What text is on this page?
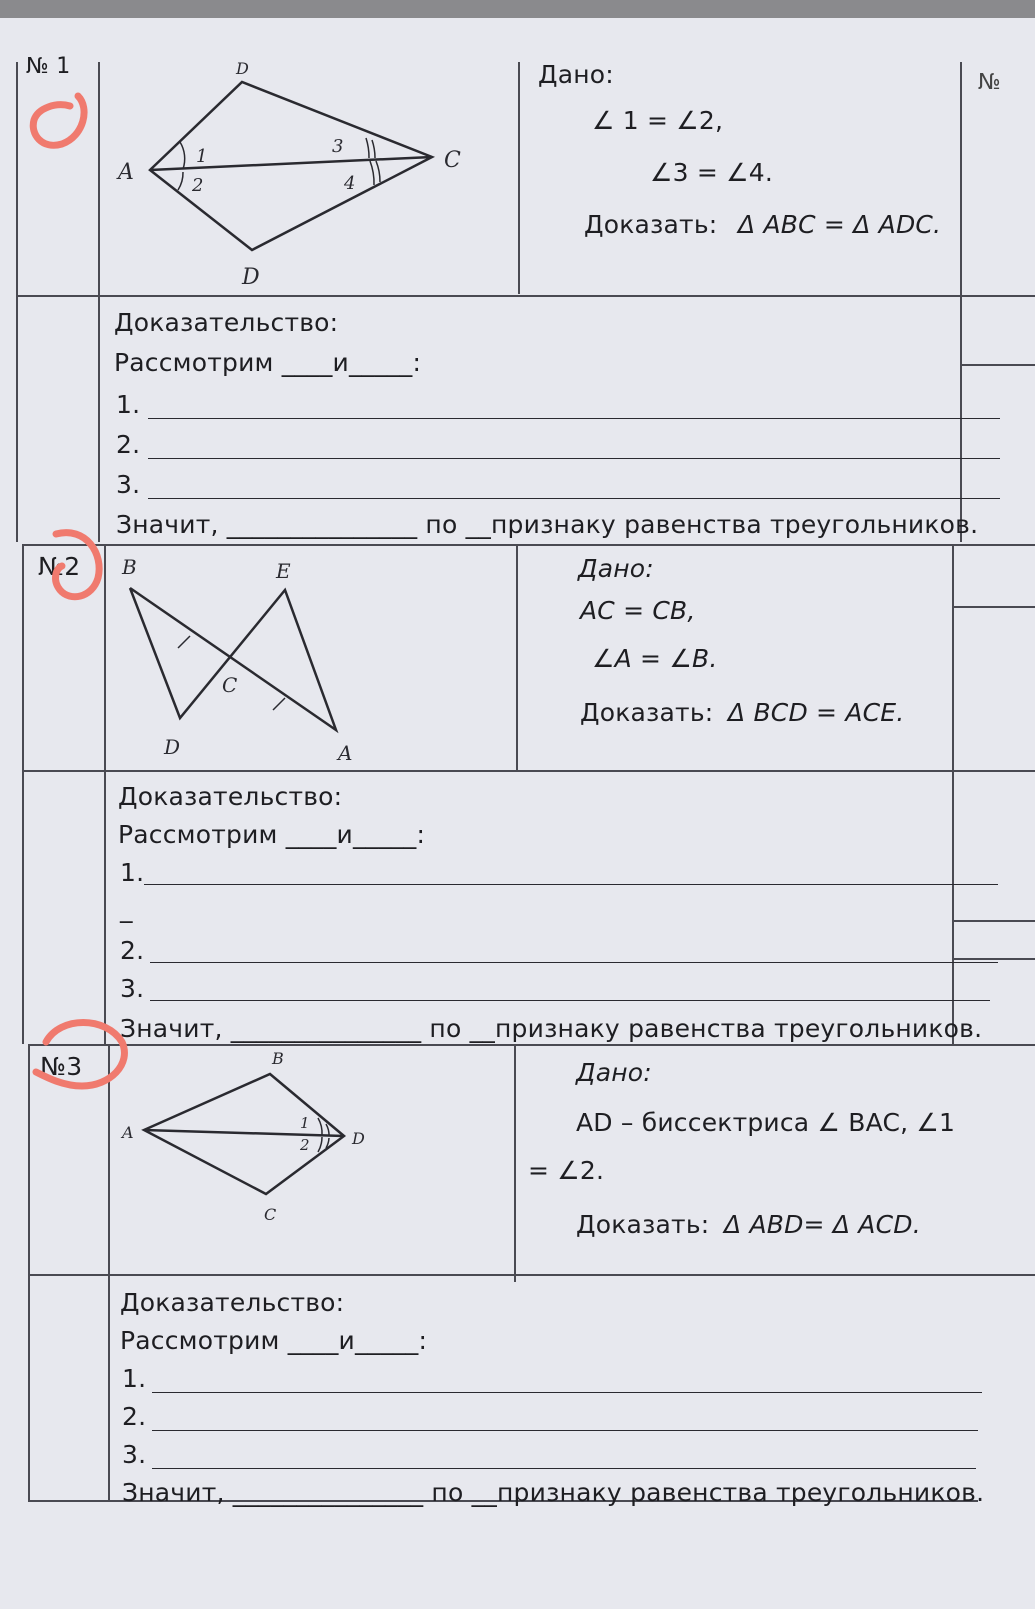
№
№ 1	D
D
A	C
1
2
3
4
Дано:
∠ 1 = ∠2,
∠3 = ∠4.
Доказать: Δ ABC = Δ ADC.
Доказательство:
Рассмотрим ____и_____:
1.
2.
3.
Значит, _______________ по __признаку равенства треугольников.
№2 B	E
C
D	A
Дано:
AC = CB,
∠A = ∠B.
Доказать: Δ BCD = ACE.
Доказательство:
Рассмотрим ____и_____:
1.
_
2.
3.
Значит, _______________ по __признаку равенства треугольников.
№3	B
A	D
C
1
2
Дано:
AD – биссектриса ∠ BAC, ∠1
= ∠2.
Доказать: Δ ABD= Δ ACD.
Доказательство:
Рассмотрим ____и_____:
1.
2.
3.
Значит, _______________ по __признаку равенства треугольников.
